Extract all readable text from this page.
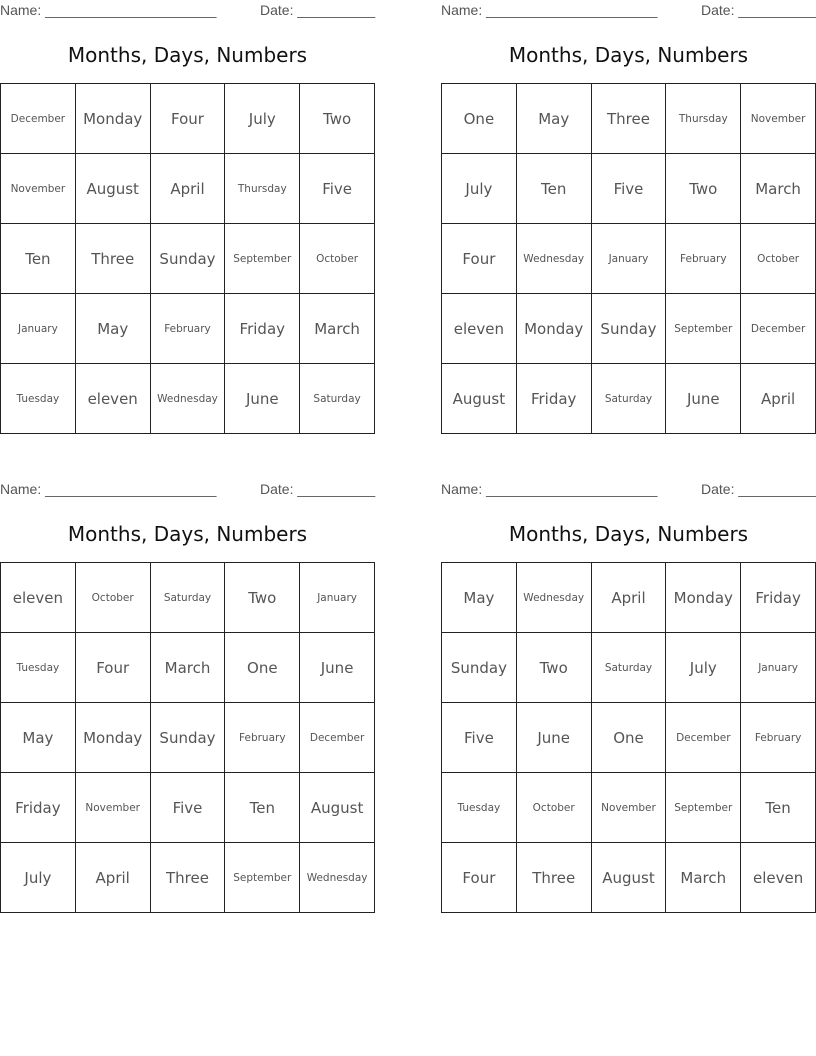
Name: ______________________	Date: __________
Months, Days, Numbers
December	Monday	Four	July	Two
November	August	April	Thursday	Five
Ten	Three	Sunday	September	October
January	May	February	Friday	March
Tuesday	eleven	Wednesday	June	Saturday
Name: ______________________	Date: __________
Months, Days, Numbers
One	May	Three	Thursday	November
July	Ten	Five	Two	March
Four	Wednesday	January	February	October
eleven	Monday	Sunday	September	December
August	Friday	Saturday	June	April
Name: ______________________	Date: __________
Months, Days, Numbers
eleven	October	Saturday	Two	January
Tuesday	Four	March	One	June
May	Monday	Sunday	February	December
Friday	November	Five	Ten	August
July	April	Three	September	Wednesday
Name: ______________________	Date: __________
Months, Days, Numbers
May	Wednesday	April	Monday	Friday
Sunday	Two	Saturday	July	January
Five	June	One	December	February
Tuesday	October	November	September	Ten
Four	Three	August	March	eleven
